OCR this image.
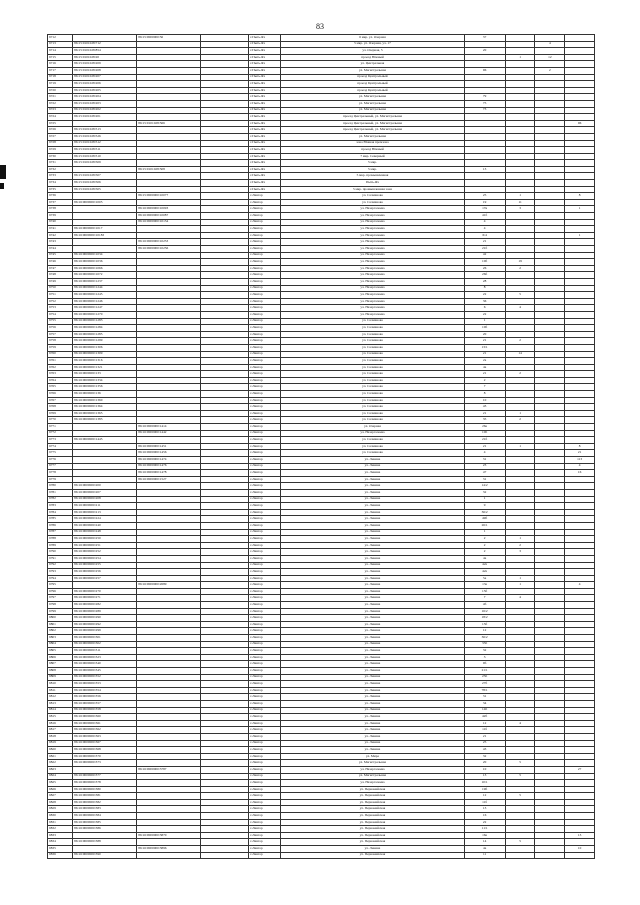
83
9712		86:15:0000000:56		г.Пыть-Ях	6 мкр. ул. Озерная	37			
9713	86:15:0101028:712			г.Пыть-Ях	5 мкр. ул. Озерная, уч. 17			4	
9714	86:15:0101028:854			г.Пыть-Ях	ул. Озерная, 5	20			
9715	86:15:0101028:20			г.Пыть-Ях	проезд Южный		1	12	
9716	86:15:0101028:209			г.Пыть-Ях	ул. Центральная				
9717	86:15:0101028:208			г.Пыть-Ях	ул. Магистральная	96		2	
9718	86:15:0101028:207			г.Пыть-Ях	проезд Центральный				
9719	86:15:0101028:206			г.Пыть-Ях	проезд Центральный				
9720	86:15:0101028:205			г.Пыть-Ях	проезд Центральный				
9721	86:15:0101028:204			г.Пыть-Ях	ул. Магистральная	79			
9722	86:15:0101028:203			г.Пыть-Ях	ул. Магистральная	75			
9723	86:15:0101028:202			г.Пыть-Ях	ул. Магистральная	73			
9724	86:15:0101028:201			г.Пыть-Ях	проезд Центральный, ул. Магистральная				
9725		86:15:0101028:566		г.Пыть-Ях	проезд Центральный, ул. Магистральная				96
9726	86:15:0101028:513			г.Пыть-Ях	проезд Центральный, ул. Магистральная				
9727	86:15:0101028:526			г.Пыть-Ях	ул. Магистральная				
9728	86:15:0101028:512			г.Пыть-Ях	зона Южная промзона				
9729	86:15:0101028:511			г.Пыть-Ях	проезд Южный				
9730	86:15:0101028:510			г.Пыть-Ях	7 мкр. Северный				
9731	86:15:0101028:509			г.Пыть-Ях	5 мкр.				
9732		86:15:0101028:508		г.Пыть-Ях	5 мкр.	13			
9733	86:15:0101028:507			г.Пыть-Ях	5 мкр. промышленная				
9734	86:15:0101028:506			г.Пыть-Ях	Пыть-Ях				
9735	86:15:0101028:505			г.Пыть-Ях	5 мкр. промышленная зона				
9736		86:15:0000000:10077		г.Лянтор	ул. Салманова	25	1		8
9737	86:16:0000000:1005			г.Лянтор	ул. Салманова	19	11		
9738		86:16:0000000:10093		г.Лянтор	ул. Назаргалеева	17в	3		1
9739		86:16:0000000:10087		г.Лянтор	ул. Назаргалеева	41б			
9740		86:16:0000000:10134		г.Лянтор	ул. Назаргалеева	4			
9741	86:16:0000000:1017			г.Лянтор	ул. Назаргалеева	4			
9742	86:16:0000000:10183			г.Лянтор	ул. Назаргалеева	6/4			1
9743		86:16:0000000:10233		г.Лянтор	ул. Назаргалеева	21			
9744		86:16:0000000:10256		г.Лянтор	ул. Назаргалеева	21б			
9745	86:16:0000000:1034			г.Лянтор	ул. Назаргалеева	42			
9746	86:16:0000000:1036			г.Лянтор	ул. Назаргалеева	10б	19		
9747	86:16:0000000:1066			г.Лянтор	ул. Назаргалеева	26	2		
9748	86:16:0000000:1072			г.Лянтор	ул. Назаргалеева	26б			
9749	86:16:0000000:1237			г.Лянтор	ул. Назаргалеева	28			
9750	86:16:0000000:1244			г.Лянтор	ул. Назаргалеева	8			
9751	86:16:0000000:1245			г.Лянтор	ул. Назаргалеева	22	5		
9752	86:16:0000000:1246			г.Лянтор	ул. Назаргалеева	36			
9753	86:16:0000000:1247			г.Лянтор	ул. Назаргалеева	6	4		
9754	86:16:0000000:1270			г.Лянтор	ул. Назаргалеева	22			
9755	86:16:0000000:1283			г.Лянтор	ул. Салманова	1			
9756	86:16:0000000:1284			г.Лянтор	ул. Салманова	10б			
9757	86:16:0000000:1285			г.Лянтор	ул. Салманова	20			
9758	86:16:0000000:1299			г.Лянтор	ул. Салманова	21	2		
9759	86:16:0000000:1306			г.Лянтор	ул. Салманова	13/1			
9760	86:16:0000000:1309			г.Лянтор	ул. Салманова	21	14		
9761	86:16:0000000:1316			г.Лянтор	ул. Салманова	2а			
9762	86:16:0000000:1321			г.Лянтор	ул. Салманова	4а			
9763	86:16:0000000:133			г.Лянтор	ул. Салманова	21	2		
9764	86:16:0000000:1334			г.Лянтор	ул. Салманова	2			
9765	86:16:0000000:1356			г.Лянтор	ул. Салманова	7			
9766	86:16:0000000:136			г.Лянтор	ул. Салманова	8			
9767	86:16:0000000:1360			г.Лянтор	ул. Салманова	10			
9768	86:16:0000000:1364			г.Лянтор	ул. Салманова	43			
9769	86:16:0000000:1365			г.Лянтор	ул. Салманова	21	1		
9770	86:16:0000000:1383			г.Лянтор	ул. Салманова	35	2		
9771		86:16:0000000:1414		г.Лянтор	ул. Озерная	26а			
9772		86:16:0000000:1442		г.Лянтор	ул. Назаргалеева	10б			
9773	86:16:0000000:1445			г.Лянтор	ул. Салманова	21б			
9774		86:16:0000000:1451		г.Лянтор	ул. Салманова	21	1		8
9775		86:16:0000000:1456		г.Лянтор	ул. Салманова	4			21
9776		86:16:0000000:1474		г.Лянтор	ул. Ленина	31			113
9777		86:16:0000000:1476		г.Лянтор	ул. Ленина	23			4
9778		86:16:0000000:1478		г.Лянтор	ул. Ленина	47			16
9779		86:16:0000000:1527		г.Лянтор	ул. Ленина	31			
9780	86:16:0000000:200			г.Лянтор	ул. Ленина	14/2			
9781	86:16:0000000:207			г.Лянтор	ул. Ленина	32			
9782	86:16:0000000:208			г.Лянтор	ул. Ленина	1			
9783	86:16:0000000:211			г.Лянтор	ул. Ленина	9			
9784	86:16:0000000:213			г.Лянтор	ул. Ленина	36/2			
9785	86:16:0000000:224			г.Лянтор	ул. Ленина	49б			
9786	86:16:0000000:240			г.Лянтор	ул. Ленина	26/1			
9787	86:16:0000000:248			г.Лянтор	ул. Ленина	1			
9788	86:16:0000000:250			г.Лянтор	ул. Ленина	2	1		
9789	86:16:0000000:251			г.Лянтор	ул. Ленина	2	2		
9790	86:16:0000000:252			г.Лянтор	ул. Ленина	2	3		
9791	86:16:0000000:254			г.Лянтор	ул. Ленина	4а			
9792	86:16:0000000:255			г.Лянтор	ул. Ленина	42а			
9793	86:16:0000000:256			г.Лянтор	ул. Ленина	42а			
9794	86:16:0000000:257			г.Лянтор	ул. Ленина	5а	1		
9795		86:16:0000000:2689		г.Лянтор	ул. Ленина	13а	1		4
9796	86:16:0000000:270			г.Лянтор	ул. Ленина	13б			
9797	86:16:0000000:271			г.Лянтор	ул. Ленина	7	4		
9798	86:16:0000000:282			г.Лянтор	ул. Ленина	4б			
9799	86:16:0000000:289			г.Лянтор	ул. Ленина	16/2			
9800	86:16:0000000:290			г.Лянтор	ул. Ленина	18/2			
9801	86:16:0000000:292			г.Лянтор	ул. Ленина	13б			
9802	86:16:0000000:299			г.Лянтор	ул. Ленина	12			
9803	86:16:0000000:301			г.Лянтор	ул. Ленина	36/2			
9804	86:16:0000000:302			г.Лянтор	ул. Ленина	33б			
9805	86:16:0000000:311			г.Лянтор	ул. Ленина	32			
9806	86:16:0000000:323			г.Лянтор	ул. Ленина	3			
9807	86:16:0000000:340			г.Лянтор	ул. Ленина	9б			
9808	86:16:0000000:345			г.Лянтор	ул. Ленина	21/1			
9809	86:16:0000000:352			г.Лянтор	ул. Ленина	23б			
9810	86:16:0000000:353			г.Лянтор	ул. Ленина	27б			
9811	86:16:0000000:354			г.Лянтор	ул. Ленина	78/1			
9812	86:16:0000000:356			г.Лянтор	ул. Ленина	31			
9813	86:16:0000000:357			г.Лянтор	ул. Ленина	34			
9814	86:16:0000000:358			г.Лянтор	ул. Ленина	14б			
9815	86:16:0000000:360			г.Лянтор	ул. Ленина	42б			
9816	86:16:0000000:361			г.Лянтор	ул. Ленина	12	4		
9817	86:16:0000000:362			г.Лянтор	ул. Ленина	11б			
9818	86:16:0000000:363			г.Лянтор	ул. Ленина	21			
9819	86:16:0000000:367			г.Лянтор	ул. Ленина	25			
9820	86:16:0000000:368			г.Лянтор	ул. Ленина	43			
9821	86:16:0000000:370			г.Лянтор	ул. Мира	32			
9822	86:16:0000000:373			г.Лянтор	ул. Магистральная	20	5		
9823		86:16:0000000:3787		г.Лянтор	ул. Назаргалеева	10			27
9824	86:16:0000000:377			г.Лянтор	ул. Магистральная	13	5		
9825	86:16:0000000:378			г.Лянтор	ул. Назаргалеева	10/1			
9826	86:16:0000000:380			г.Лянтор	ул. Первомайская	19б			
9827	86:16:0000000:381			г.Лянтор	ул. Первомайская	12	5		
9828	86:16:0000000:382			г.Лянтор	ул. Первомайская	11б			
9829	86:16:0000000:383			г.Лянтор	ул. Первомайская	13			
9830	86:16:0000000:384			г.Лянтор	ул. Первомайская	16			
9831	86:16:0000000:385			г.Лянтор	ул. Первомайская	22			
9832	86:16:0000000:386			г.Лянтор	ул. Первомайская	11/1			
9833		86:16:0000000:3870		г.Лянтор	ул. Первомайская	16а			13
9834	86:16:0000000:388			г.Лянтор	ул. Первомайская	14	5		
9835		86:16:0000000:3896		г.Лянтор	ул. Ленина	4а			10
9836	86:16:0000000:390			г.Лянтор	ул. Первомайская	11			
